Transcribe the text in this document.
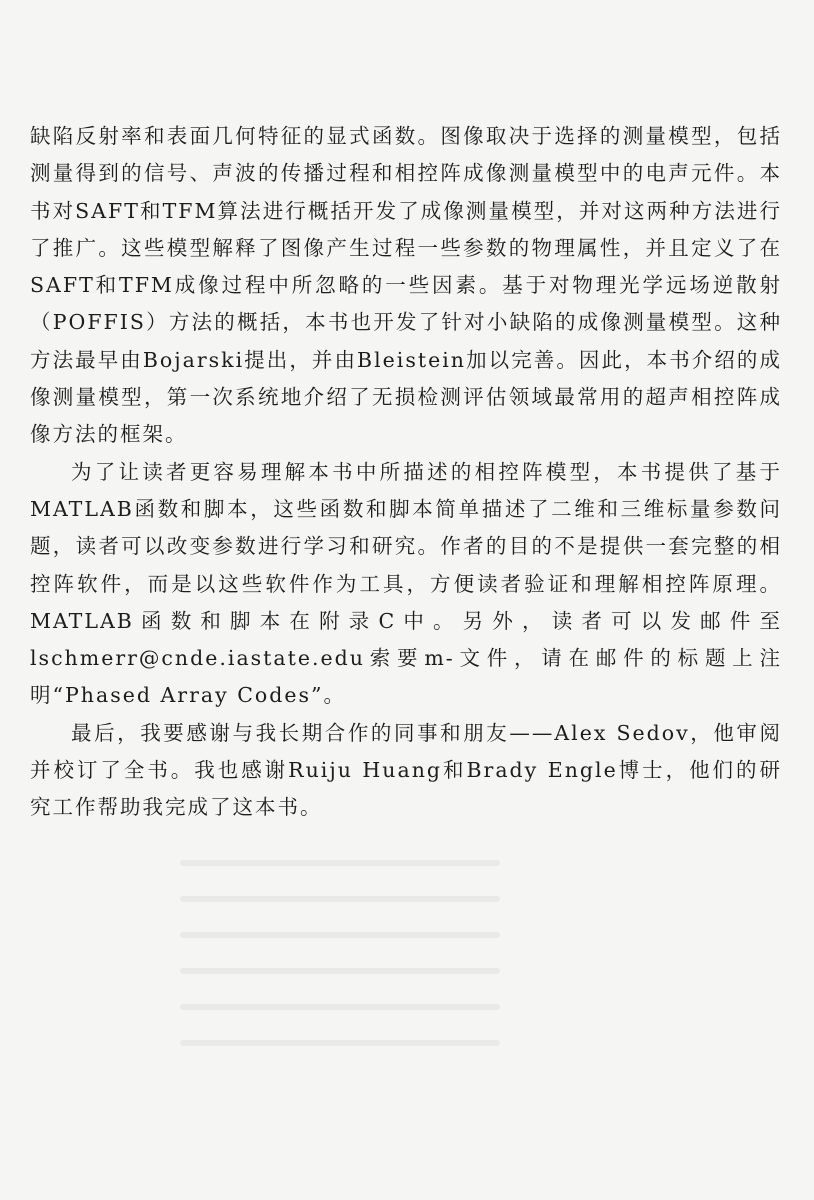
缺陷反射率和表面几何特征的显式函数。图像取决于选择的测量模型，包括测量得到的信号、声波的传播过程和相控阵成像测量模型中的电声元件。本书对SAFT和TFM算法进行概括开发了成像测量模型，并对这两种方法进行了推广。这些模型解释了图像产生过程一些参数的物理属性，并且定义了在SAFT和TFM成像过程中所忽略的一些因素。基于对物理光学远场逆散射（POFFIS）方法的概括，本书也开发了针对小缺陷的成像测量模型。这种方法最早由Bojarski提出，并由Bleistein加以完善。因此，本书介绍的成像测量模型，第一次系统地介绍了无损检测评估领域最常用的超声相控阵成像方法的框架。

为了让读者更容易理解本书中所描述的相控阵模型，本书提供了基于MATLAB函数和脚本，这些函数和脚本简单描述了二维和三维标量参数问题，读者可以改变参数进行学习和研究。作者的目的不是提供一套完整的相控阵软件，而是以这些软件作为工具，方便读者验证和理解相控阵原理。MATLAB函数和脚本在附录C中。另外，读者可以发邮件至lschmerr@cnde.iastate.edu索要m-文件，请在邮件的标题上注明“Phased Array Codes”。

最后，我要感谢与我长期合作的同事和朋友——Alex Sedov，他审阅并校订了全书。我也感谢Ruiju Huang和Brady Engle博士，他们的研究工作帮助我完成了这本书。
